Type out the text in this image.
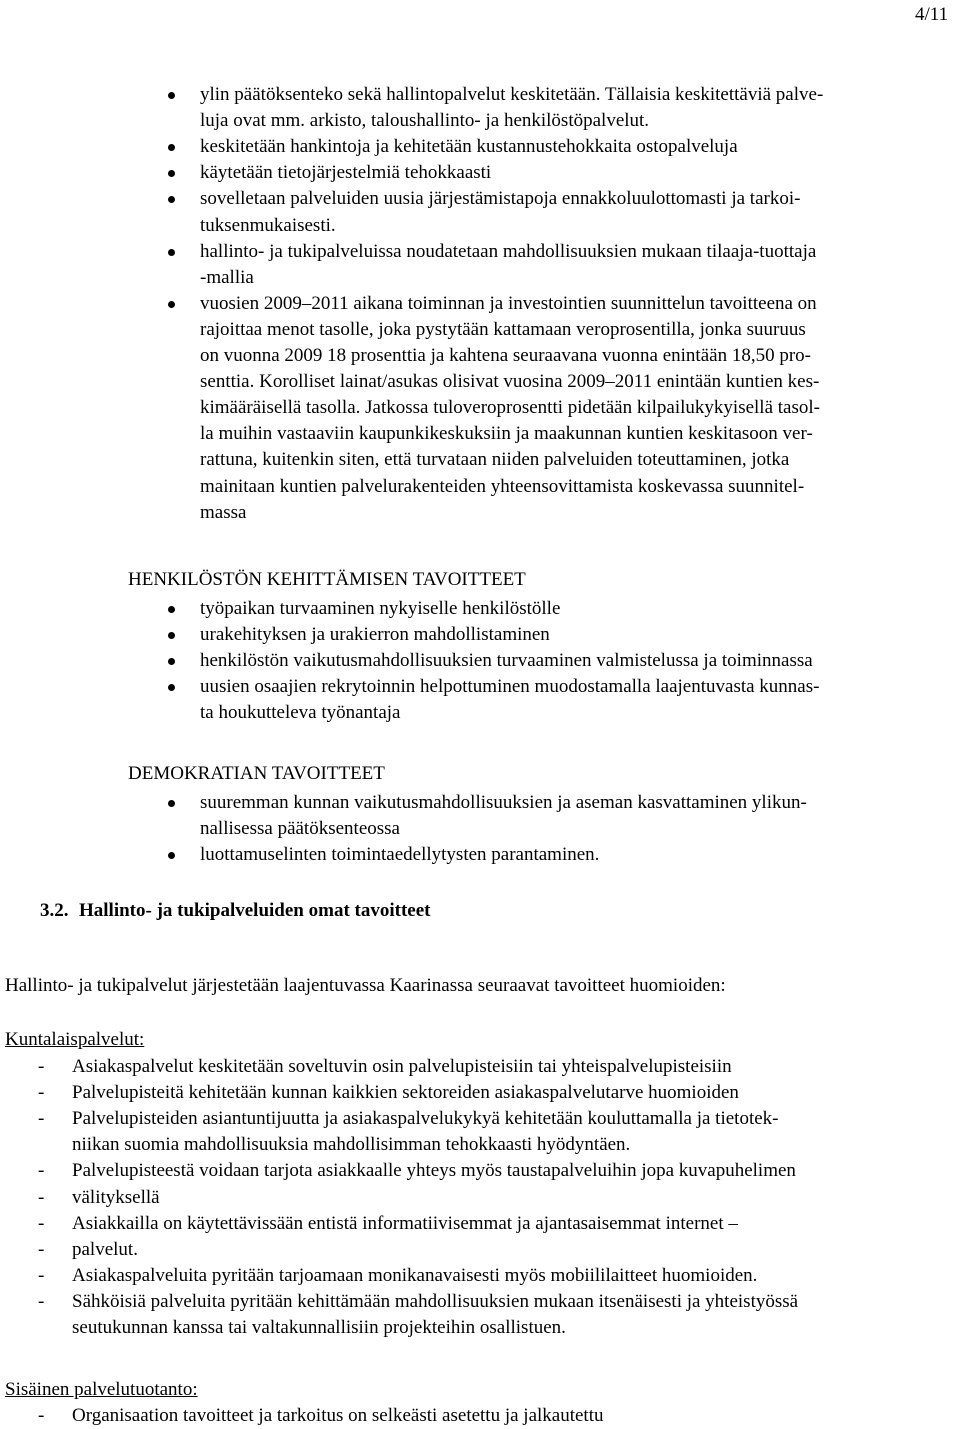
4/11
ylin päätöksenteko sekä hallintopalvelut keskitetään. Tällaisia keskitettäviä palve-
luja ovat mm. arkisto, taloushallinto- ja henkilöstöpalvelut.
keskitetään hankintoja ja kehitetään kustannustehokkaita ostopalveluja
käytetään tietojärjestelmiä tehokkaasti
sovelletaan palveluiden uusia järjestämistapoja ennakkoluulottomasti ja tarkoi-
tuksenmukaisesti.
hallinto- ja tukipalveluissa noudatetaan mahdollisuuksien mukaan tilaaja-tuottaja
-mallia
vuosien 2009–2011 aikana toiminnan ja investointien suunnittelun tavoitteena on
rajoittaa menot tasolle, joka pystytään kattamaan veroprosentilla, jonka suuruus
on vuonna 2009 18 prosenttia ja kahtena seuraavana vuonna enintään 18,50 pro-
senttia. Korolliset lainat/asukas olisivat vuosina 2009–2011 enintään kuntien kes-
kimääräisellä tasolla. Jatkossa tuloveroprosentti pidetään kilpailukykyisellä tasol-
la muihin vastaaviin kaupunkikeskuksiin ja maakunnan kuntien keskitasoon ver-
rattuna, kuitenkin siten, että turvataan niiden palveluiden toteuttaminen, jotka
mainitaan kuntien palvelurakenteiden yhteensovittamista koskevassa suunnitel-
massa
HENKILÖSTÖN KEHITTÄMISEN TAVOITTEET
työpaikan turvaaminen nykyiselle henkilöstölle
urakehityksen ja urakierron mahdollistaminen
henkilöstön vaikutusmahdollisuuksien turvaaminen valmistelussa ja toiminnassa
uusien osaajien rekrytoinnin helpottuminen muodostamalla laajentuvasta kunnas-
ta houkutteleva työnantaja
DEMOKRATIAN TAVOITTEET
suuremman kunnan vaikutusmahdollisuuksien ja aseman kasvattaminen ylikun-
nallisessa päätöksenteossa
luottamuselinten toimintaedellytysten parantaminen.
3.2. Hallinto- ja tukipalveluiden omat tavoitteet
Hallinto- ja tukipalvelut järjestetään laajentuvassa Kaarinassa seuraavat tavoitteet huomioiden:
Kuntalaispalvelut:
- Asiakaspalvelut keskitetään soveltuvin osin palvelupisteisiin tai yhteispalvelupisteisiin
- Palvelupisteitä kehitetään kunnan kaikkien sektoreiden asiakaspalvelutarve huomioiden
- Palvelupisteiden asiantuntijuutta ja asiakaspalvelukykyä kehitetään kouluttamalla ja tietotek-
niikan suomia mahdollisuuksia mahdollisimman tehokkaasti hyödyntäen.
- Palvelupisteestä voidaan tarjota asiakkaalle yhteys myös taustapalveluihin jopa kuvapuhelimen
- välityksellä
- Asiakkailla on käytettävissään entistä informatiivisemmat ja ajantasaisemmat internet –
- palvelut.
- Asiakaspalveluita pyritään tarjoamaan monikanavaisesti myös mobiililaitteet huomioiden.
- Sähköisiä palveluita pyritään kehittämään mahdollisuuksien mukaan itsenäisesti ja yhteistyössä
seutukunnan kanssa tai valtakunnallisiin projekteihin osallistuen.
Sisäinen palvelutuotanto:
- Organisaation tavoitteet ja tarkoitus on selkeästi asetettu ja jalkautettu
